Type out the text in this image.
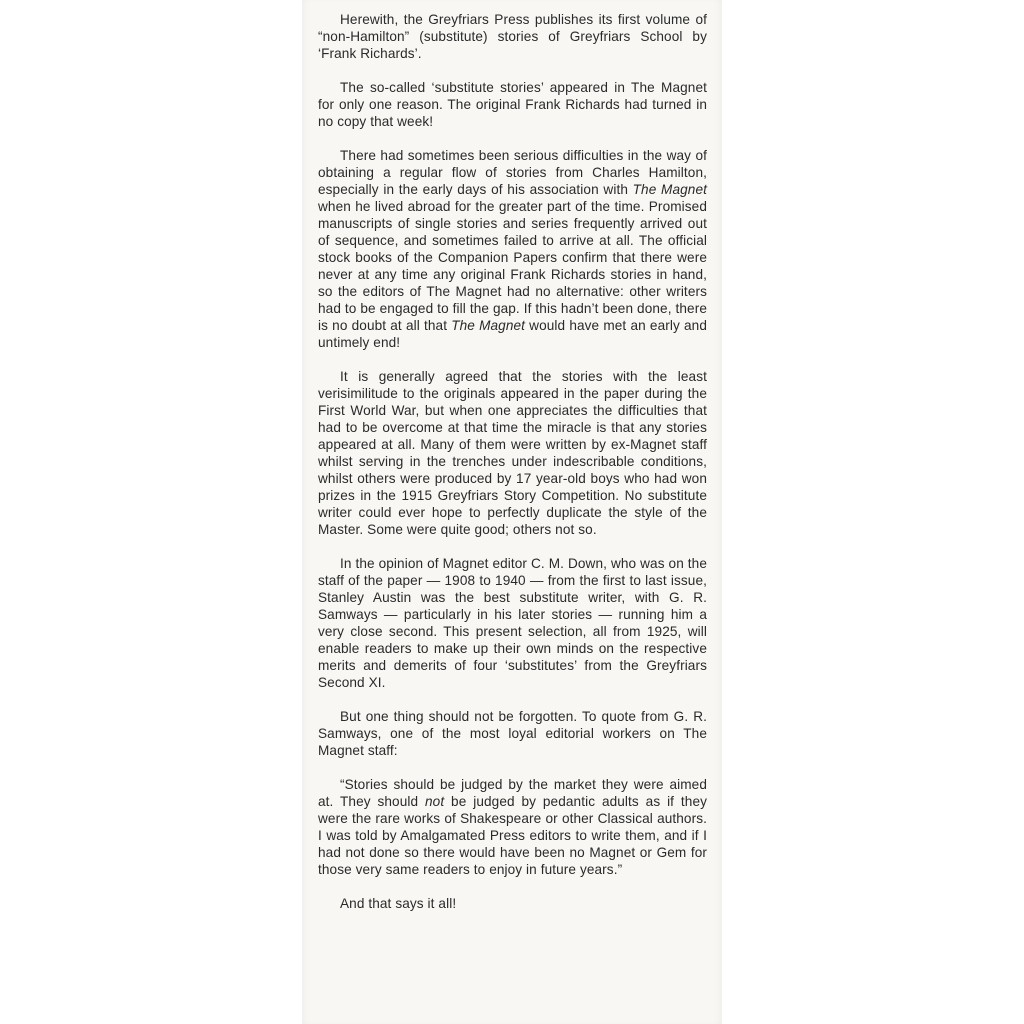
Herewith, the Greyfriars Press publishes its first volume of “non-Hamilton” (substitute) stories of Greyfriars School by ‘Frank Richards’.

The so-called ‘substitute stories’ appeared in The Magnet for only one reason. The original Frank Richards had turned in no copy that week!

There had sometimes been serious difficulties in the way of obtaining a regular flow of stories from Charles Hamilton, especially in the early days of his association with The Magnet when he lived abroad for the greater part of the time. Promised manuscripts of single stories and series frequently arrived out of sequence, and sometimes failed to arrive at all. The official stock books of the Companion Papers confirm that there were never at any time any original Frank Richards stories in hand, so the editors of The Magnet had no alternative: other writers had to be engaged to fill the gap. If this hadn’t been done, there is no doubt at all that The Magnet would have met an early and untimely end!

It is generally agreed that the stories with the least verisimilitude to the originals appeared in the paper during the First World War, but when one appreciates the difficulties that had to be overcome at that time the miracle is that any stories appeared at all. Many of them were written by ex-Magnet staff whilst serving in the trenches under indescribable conditions, whilst others were produced by 17 year-old boys who had won prizes in the 1915 Greyfriars Story Competition. No substitute writer could ever hope to perfectly duplicate the style of the Master. Some were quite good; others not so.

In the opinion of Magnet editor C. M. Down, who was on the staff of the paper — 1908 to 1940 — from the first to last issue, Stanley Austin was the best substitute writer, with G. R. Samways — particularly in his later stories — running him a very close second. This present selection, all from 1925, will enable readers to make up their own minds on the respective merits and demerits of four ‘substitutes’ from the Greyfriars Second XI.

But one thing should not be forgotten. To quote from G. R. Samways, one of the most loyal editorial workers on The Magnet staff:

“Stories should be judged by the market they were aimed at. They should not be judged by pedantic adults as if they were the rare works of Shakespeare or other Classical authors. I was told by Amalgamated Press editors to write them, and if I had not done so there would have been no Magnet or Gem for those very same readers to enjoy in future years.”

And that says it all!
